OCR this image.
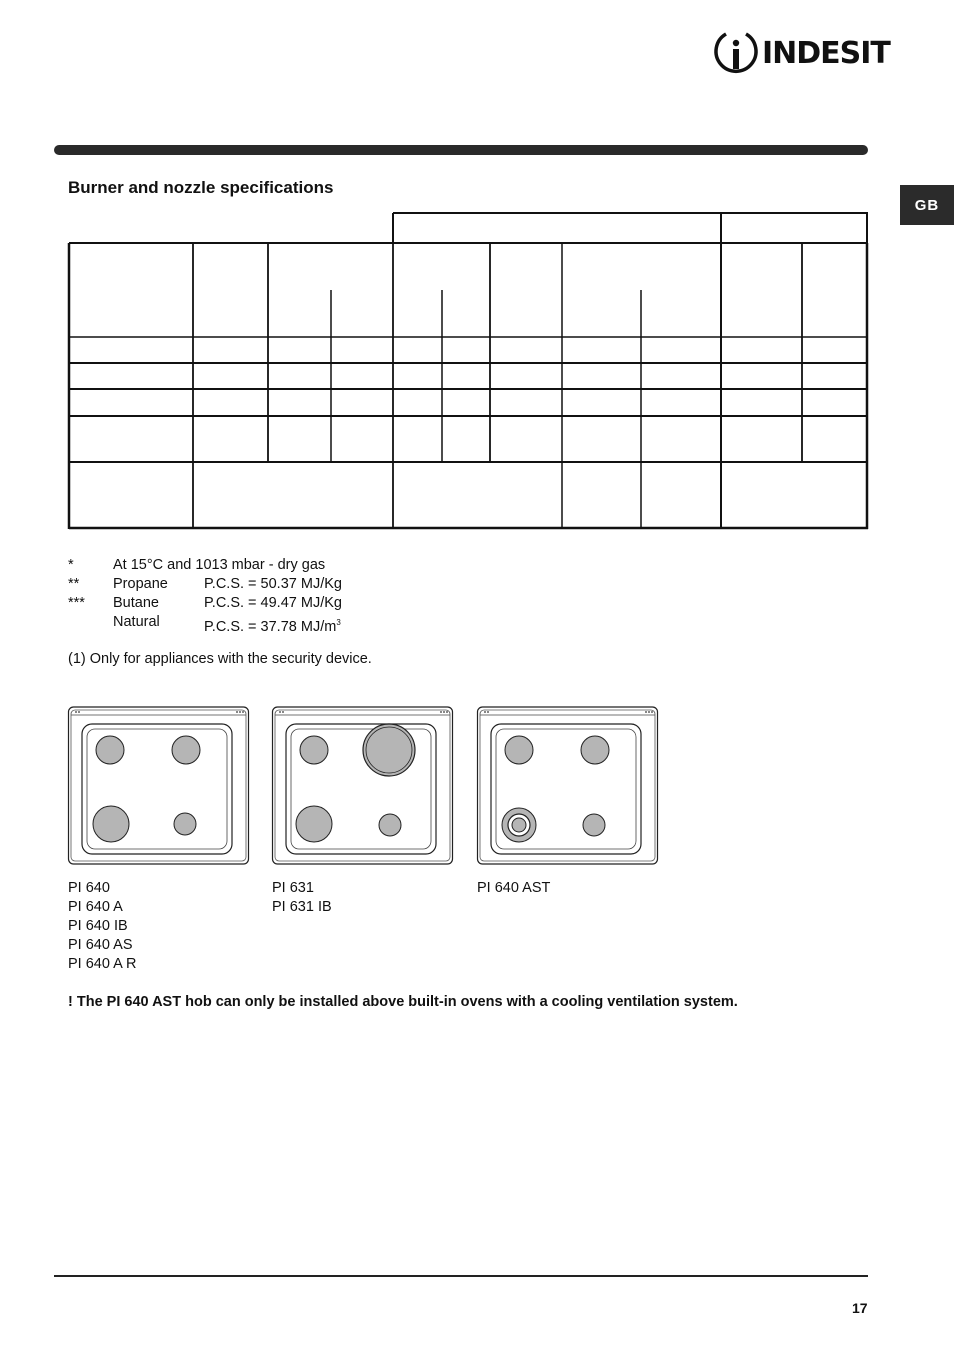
INDESIT
GB
Burner and nozzle specifications
*	At 15°C and 1013 mbar - dry gas
** Propane P.C.S. = 50.37 MJ/Kg
*** Butane	P.C.S. = 49.47 MJ/Kg
Natural	P.C.S. = 37.78 $MJ/m^3$
(1) Only for appliances with the security device.
PI 640
PI 640 A
PI 640 IB
PI 640 AS
PI 640 A R
PI 631
PI 631 IB
PI 640 AST
! The PI 640 AST hob can only be installed above built-in ovens with a cooling ventilation system.
17
